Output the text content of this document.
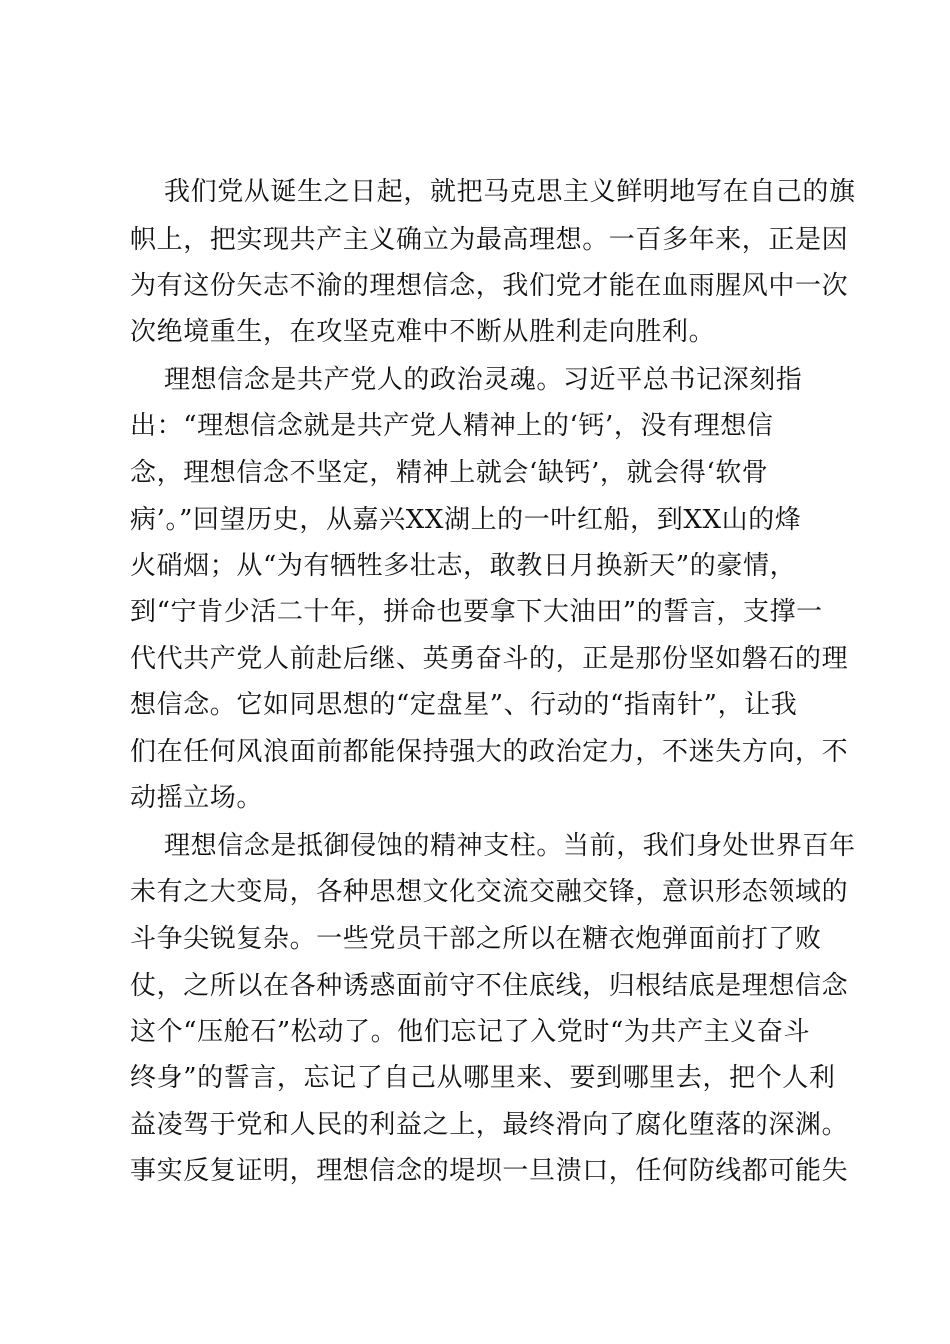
我们党从诞生之日起，就把马克思主义鲜明地写在自己的旗
帜上，把实现共产主义确立为最高理想。一百多年来，正是因
为有这份矢志不渝的理想信念，我们党才能在血雨腥风中一次
次绝境重生，在攻坚克难中不断从胜利走向胜利。
理想信念是共产党人的政治灵魂。习近平总书记深刻指
出：“理想信念就是共产党人精神上的‘钙’，没有理想信
念，理想信念不坚定，精神上就会‘缺钙’，就会得‘软骨
病’。”回望历史，从嘉兴XX湖上的一叶红船，到XX山的烽
火硝烟；从“为有牺牲多壮志，敢教日月换新天”的豪情，
到“宁肯少活二十年，拼命也要拿下大油田”的誓言，支撑一
代代共产党人前赴后继、英勇奋斗的，正是那份坚如磐石的理
想信念。它如同思想的“定盘星”、行动的“指南针”，让我
们在任何风浪面前都能保持强大的政治定力，不迷失方向，不
动摇立场。
理想信念是抵御侵蚀的精神支柱。当前，我们身处世界百年
未有之大变局，各种思想文化交流交融交锋，意识形态领域的
斗争尖锐复杂。一些党员干部之所以在糖衣炮弹面前打了败
仗，之所以在各种诱惑面前守不住底线，归根结底是理想信念
这个“压舱石”松动了。他们忘记了入党时“为共产主义奋斗
终身”的誓言，忘记了自己从哪里来、要到哪里去，把个人利
益凌驾于党和人民的利益之上，最终滑向了腐化堕落的深渊。
事实反复证明，理想信念的堤坝一旦溃口，任何防线都可能失
